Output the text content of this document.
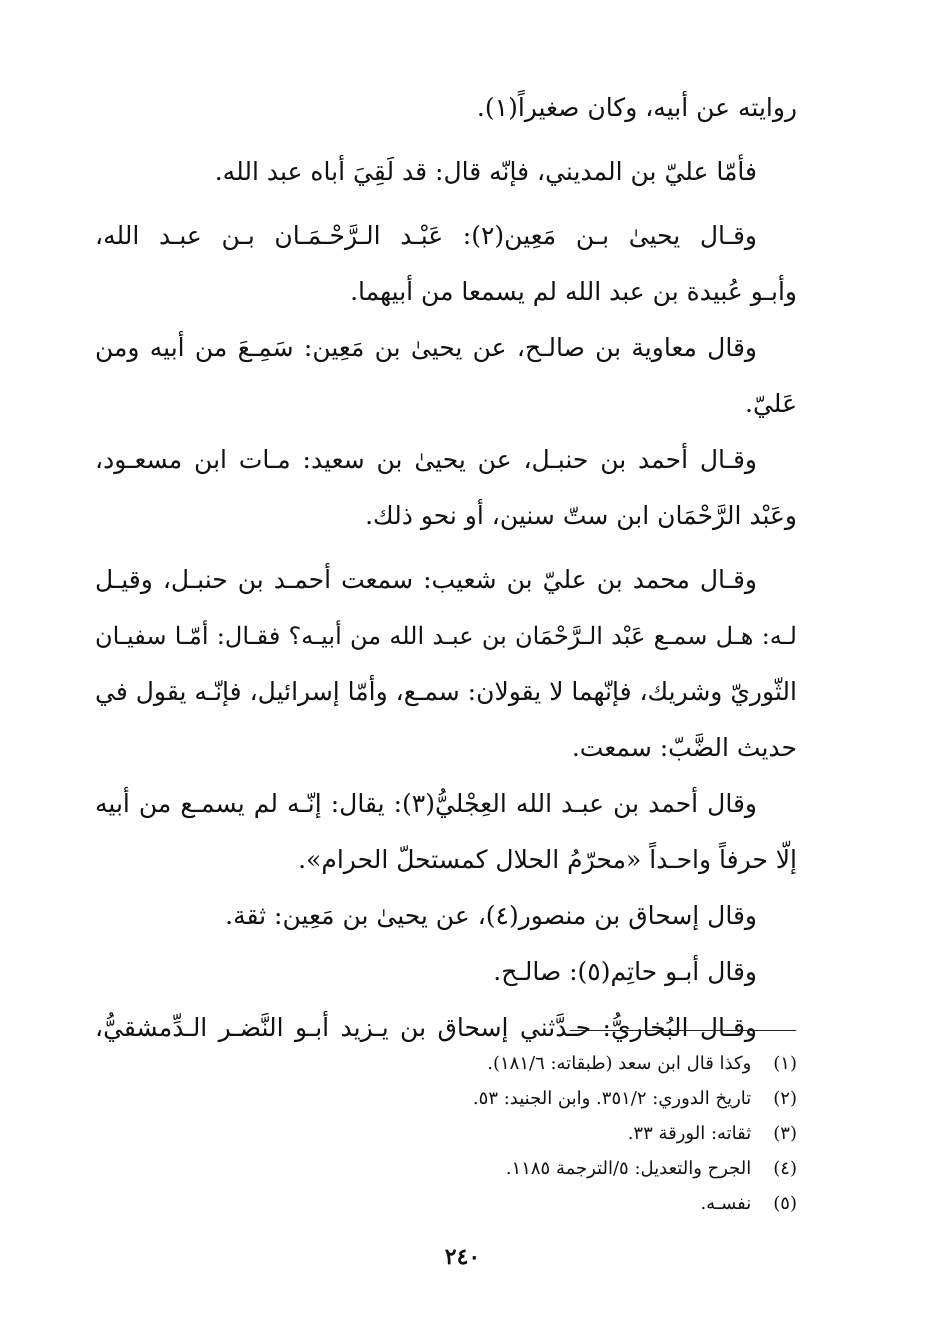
روايته عن أبيه، وكان صغيراً(١).
فأمّا عليّ بن المديني، فإنّه قال: قد لَقِيَ أباه عبد الله.
وقـال يحيىٰ بـن مَعِين(٢): عَبْـد الـرَّحْـمَـان بـن عبـد الله،
وأبـو عُبيدة بن عبد الله لم يسمعا من أبيهما.
وقال معاوية بن صالـح، عن يحيىٰ بن مَعِين: سَمِـعَ من أبيه ومن
عَليّ.
وقـال أحمد بن حنبـل، عن يحيىٰ بن سعيد: مـات ابن مسعـود،
وعَبْد الرَّحْمَان ابن ستّ سنين، أو نحو ذلك.
وقـال محمد بن عليّ بن شعيب: سمعت أحمـد بن حنبـل، وقيـل
لـه: هـل سمـع عَبْد الـرَّحْمَان بن عبـد الله من أبيـه؟ فقـال: أمّـا سفيـان
الثّوريّ وشريك، فإنّهما لا يقولان: سمـع، وأمّا إسرائيل، فإنّـه يقول في
حديث الضَّبّ: سمعت.
وقال أحمد بن عبـد الله العِجْليُّ(٣): يقال: إنّـه لم يسمـع من أبيه
إلّا حرفاً واحـداً «محرّمُ الحلال كمستحلّ الحرام».
وقال إسحاق بن منصور(٤)، عن يحيىٰ بن مَعِين: ثقة.
وقال أبـو حاتِم(٥): صالـح.
وقـال البُخاريُّ: حـدَّثني إسحاق بن يـزيد أبـو النَّضـر الـدِّمشقيُّ،
(١) وكذا قال ابن سعد (طبقاته: ١٨١/٦).
(٢) تاريخ الدوري: ٣٥١/٢. وابن الجنيد: ٥٣.
(٣) ثقاته: الورقة ٣٣.
(٤) الجرح والتعديل: ٥/الترجمة ١١٨٥.
(٥) نفسـه.
٢٤٠
